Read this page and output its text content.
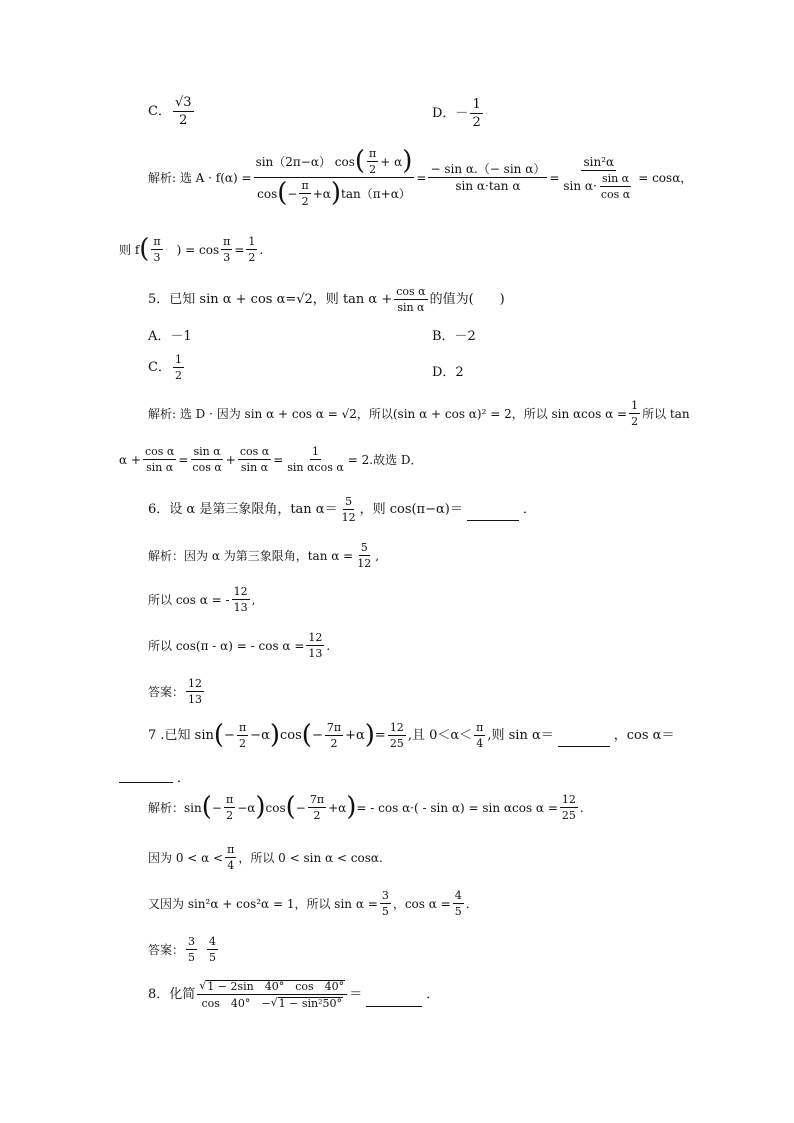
C． $\frac{√3}{2}$	D．－ $\frac{1}{2}$
解析: 选 $A \cdot f(\alpha) = \frac{\sin(2\pi-\alpha) \cos ( \frac{\pi}{2} + \alpha )}{\cos ( - \frac{\pi}{2} +\alpha ) \tan(\pi+\alpha)} = \frac{\text{− sin α.（− sin α）}}{\text{sin α·tan α}} = \frac{\text{sin²α}}{\sin \alpha\cdot \frac{\text{sin α}}{\text{cos α}}} = \cos\alpha$，
则 f ( $\frac{\pi}{3}$ ) = $\cos \frac{\pi}{3} = \frac{1}{2}$ .
5．已知 sin α + cos α=√2，则 $\tan \alpha + \frac{\text{cos α}}{\text{sin α}}$ 的值为(　　)
A．－1	B．－2
C． $\frac{1}{2}$	D．2
解析: 选 D · 因为 sin α + cos α = √2，所以(sin α + cos α)² = 2，所以 sin αcos $\alpha = \frac{1}{2}$ 所以 tan
$\alpha + \frac{\text{cos α}}{\text{sin α}} = \frac{\text{sin α}}{\text{cos α}} + \frac{\text{cos α}}{\text{sin α}} = \frac{1}{\text{sin αcos α}} = 2$.故选 D．
6．设 α 是第三象限角，$\tan \alpha= \frac{5}{12}$ ，则 cos(π−α)＝	．
解析：因为 α 为第三象限角，$\tan \alpha = \frac{5}{12}$ ,
所以 cos α = - $\frac{12}{13}$ ,
所以 cos(π - α) = - $\cos \alpha = \frac{12}{13}$ .
答案： $\frac{12}{13}$
7 .已知 sin ( − $\frac{\pi}{2} -\alpha$ ) cos ( − $\frac{7\pi}{2} +\alpha$ ) = $\frac{12}{25}$ ,且 $0<\alpha< \frac{\pi}{4}$ ,则 sin α＝	，cos α＝
．
解析：sin ( − $\frac{\pi}{2} -\alpha$ ) cos ( − $\frac{7\pi}{2} +\alpha$ ) = - cos α·( - sin α) = sin αcos $\alpha = \frac{12}{25}$ .
因为 $0 < \alpha < \frac{\pi}{4}$ ，所以 0 < sin α < cosα.
又因为 sin²α + cos²α = 1，所以 $\sin \alpha = \frac{3}{5}$ ，$\cos \alpha = \frac{4}{5}$ .
答案： $\frac{3}{5} \frac{4}{5}$
8．化简 $\frac{√ 1 - 2\sin 40^\circ \cos 40^\circ}{\text{cos　40°　− √ 1 − sin²50°}}$ ＝	．
